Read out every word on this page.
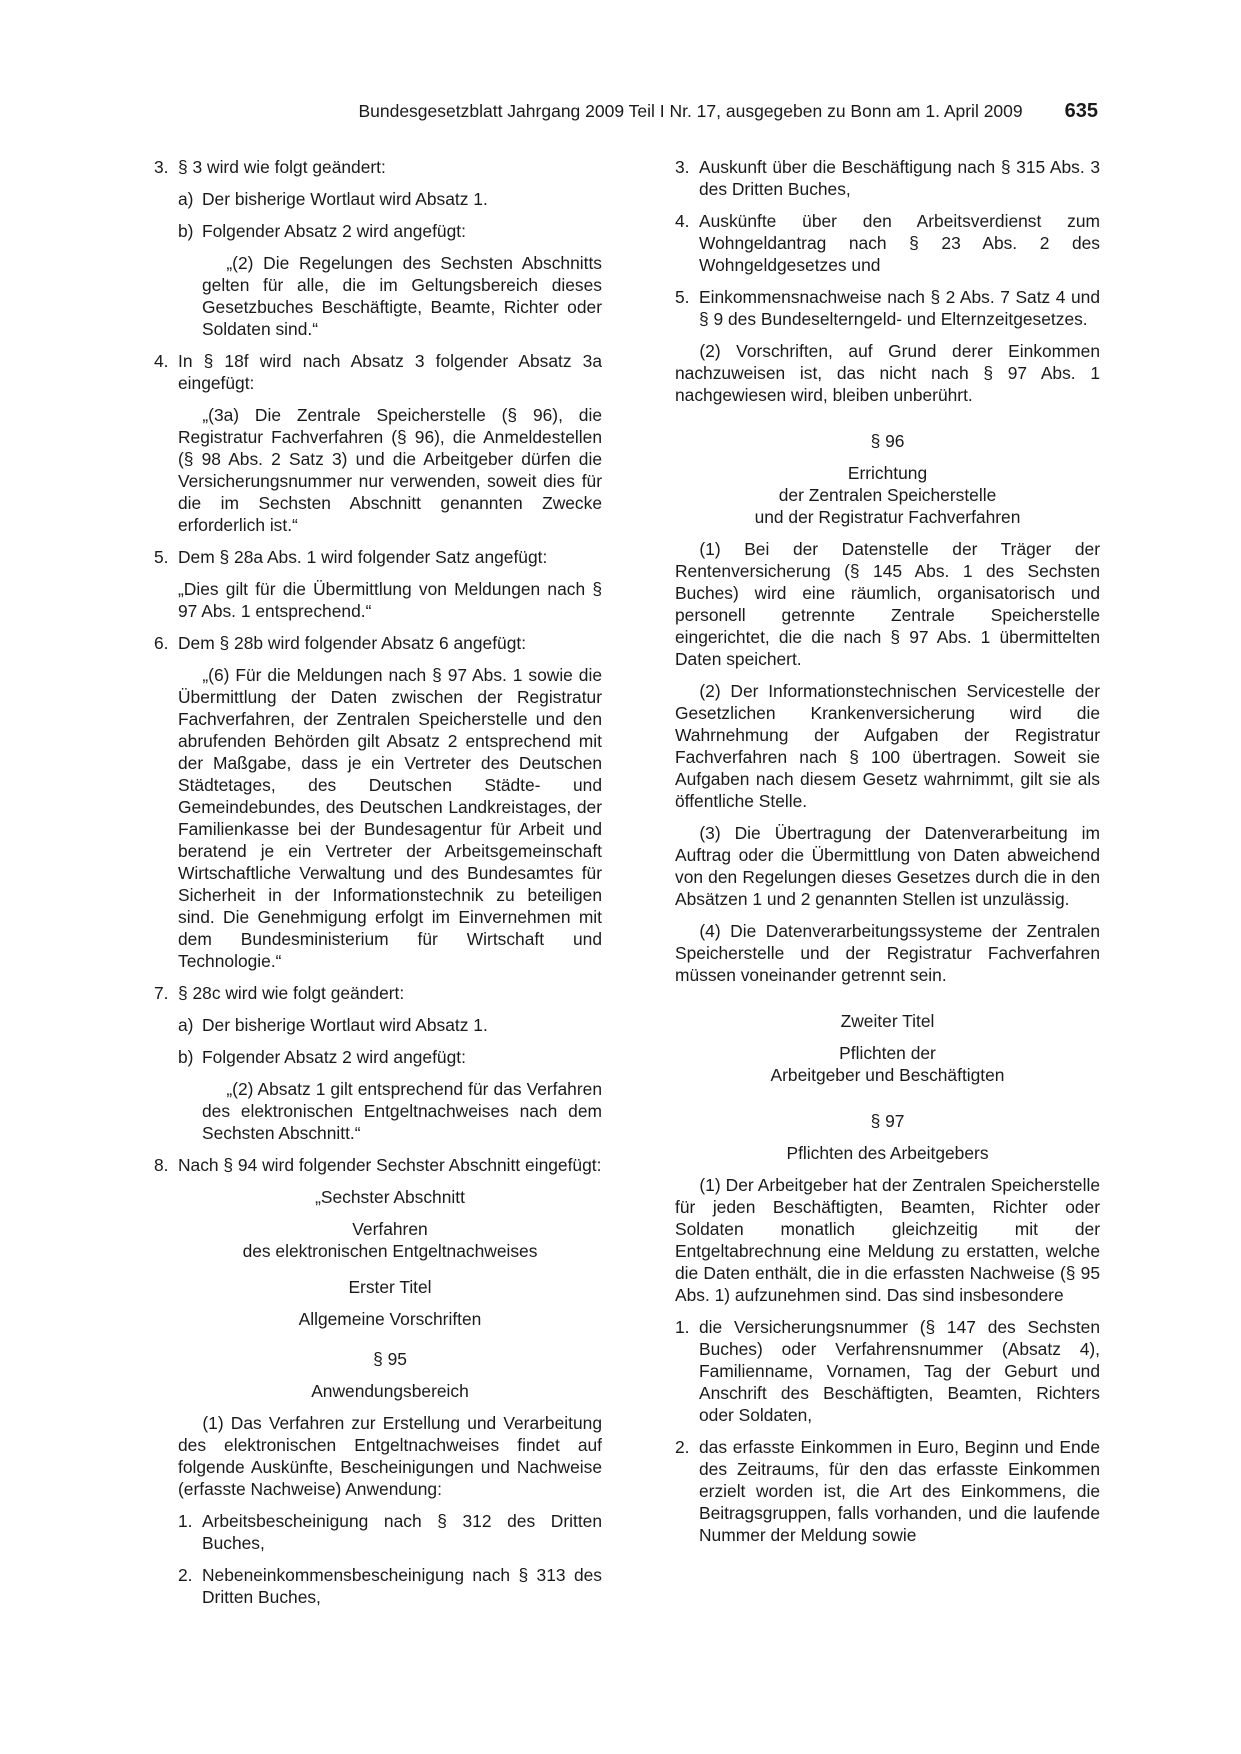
Bundesgesetzblatt Jahrgang 2009 Teil I Nr. 17, ausgegeben zu Bonn am 1. April 2009 635
3. § 3 wird wie folgt geändert:
a) Der bisherige Wortlaut wird Absatz 1.
b) Folgender Absatz 2 wird angefügt:
„(2) Die Regelungen des Sechsten Abschnitts gelten für alle, die im Geltungsbereich dieses Gesetzbuches Beschäftigte, Beamte, Richter oder Soldaten sind.“
4. In § 18f wird nach Absatz 3 folgender Absatz 3a eingefügt:
„(3a) Die Zentrale Speicherstelle (§ 96), die Registratur Fachverfahren (§ 96), die Anmeldestellen (§ 98 Abs. 2 Satz 3) und die Arbeitgeber dürfen die Versicherungsnummer nur verwenden, soweit dies für die im Sechsten Abschnitt genannten Zwecke erforderlich ist.“
5. Dem § 28a Abs. 1 wird folgender Satz angefügt:
„Dies gilt für die Übermittlung von Meldungen nach § 97 Abs. 1 entsprechend.“
6. Dem § 28b wird folgender Absatz 6 angefügt:
„(6) Für die Meldungen nach § 97 Abs. 1 sowie die Übermittlung der Daten zwischen der Registratur Fachverfahren, der Zentralen Speicherstelle und den abrufenden Behörden gilt Absatz 2 entsprechend mit der Maßgabe, dass je ein Vertreter des Deutschen Städtetages, des Deutschen Städte- und Gemeindebundes, des Deutschen Landkreistages, der Familienkasse bei der Bundesagentur für Arbeit und beratend je ein Vertreter der Arbeitsgemeinschaft Wirtschaftliche Verwaltung und des Bundesamtes für Sicherheit in der Informationstechnik zu beteiligen sind. Die Genehmigung erfolgt im Einvernehmen mit dem Bundesministerium für Wirtschaft und Technologie.“
7. § 28c wird wie folgt geändert:
a) Der bisherige Wortlaut wird Absatz 1.
b) Folgender Absatz 2 wird angefügt:
„(2) Absatz 1 gilt entsprechend für das Verfahren des elektronischen Entgeltnachweises nach dem Sechsten Abschnitt.“
8. Nach § 94 wird folgender Sechster Abschnitt eingefügt:
„Sechster Abschnitt
Verfahren
des elektronischen Entgeltnachweises
Erster Titel
Allgemeine Vorschriften
§ 95
Anwendungsbereich
(1) Das Verfahren zur Erstellung und Verarbeitung des elektronischen Entgeltnachweises findet auf folgende Auskünfte, Bescheinigungen und Nachweise (erfasste Nachweise) Anwendung:
1. Arbeitsbescheinigung nach § 312 des Dritten Buches,
2. Nebeneinkommensbescheinigung nach § 313 des Dritten Buches,
3. Auskunft über die Beschäftigung nach § 315 Abs. 3 des Dritten Buches,
4. Auskünfte über den Arbeitsverdienst zum Wohngeldantrag nach § 23 Abs. 2 des Wohngeldgesetzes und
5. Einkommensnachweise nach § 2 Abs. 7 Satz 4 und § 9 des Bundeselterngeld- und Elternzeitgesetzes.
(2) Vorschriften, auf Grund derer Einkommen nachzuweisen ist, das nicht nach § 97 Abs. 1 nachgewiesen wird, bleiben unberührt.
§ 96
Errichtung
der Zentralen Speicherstelle
und der Registratur Fachverfahren
(1) Bei der Datenstelle der Träger der Rentenversicherung (§ 145 Abs. 1 des Sechsten Buches) wird eine räumlich, organisatorisch und personell getrennte Zentrale Speicherstelle eingerichtet, die die nach § 97 Abs. 1 übermittelten Daten speichert.
(2) Der Informationstechnischen Servicestelle der Gesetzlichen Krankenversicherung wird die Wahrnehmung der Aufgaben der Registratur Fachverfahren nach § 100 übertragen. Soweit sie Aufgaben nach diesem Gesetz wahrnimmt, gilt sie als öffentliche Stelle.
(3) Die Übertragung der Datenverarbeitung im Auftrag oder die Übermittlung von Daten abweichend von den Regelungen dieses Gesetzes durch die in den Absätzen 1 und 2 genannten Stellen ist unzulässig.
(4) Die Datenverarbeitungssysteme der Zentralen Speicherstelle und der Registratur Fachverfahren müssen voneinander getrennt sein.
Zweiter Titel
Pflichten der
Arbeitgeber und Beschäftigten
§ 97
Pflichten des Arbeitgebers
(1) Der Arbeitgeber hat der Zentralen Speicherstelle für jeden Beschäftigten, Beamten, Richter oder Soldaten monatlich gleichzeitig mit der Entgeltabrechnung eine Meldung zu erstatten, welche die Daten enthält, die in die erfassten Nachweise (§ 95 Abs. 1) aufzunehmen sind. Das sind insbesondere
1. die Versicherungsnummer (§ 147 des Sechsten Buches) oder Verfahrensnummer (Absatz 4), Familienname, Vornamen, Tag der Geburt und Anschrift des Beschäftigten, Beamten, Richters oder Soldaten,
2. das erfasste Einkommen in Euro, Beginn und Ende des Zeitraums, für den das erfasste Einkommen erzielt worden ist, die Art des Einkommens, die Beitragsgruppen, falls vorhanden, und die laufende Nummer der Meldung sowie
